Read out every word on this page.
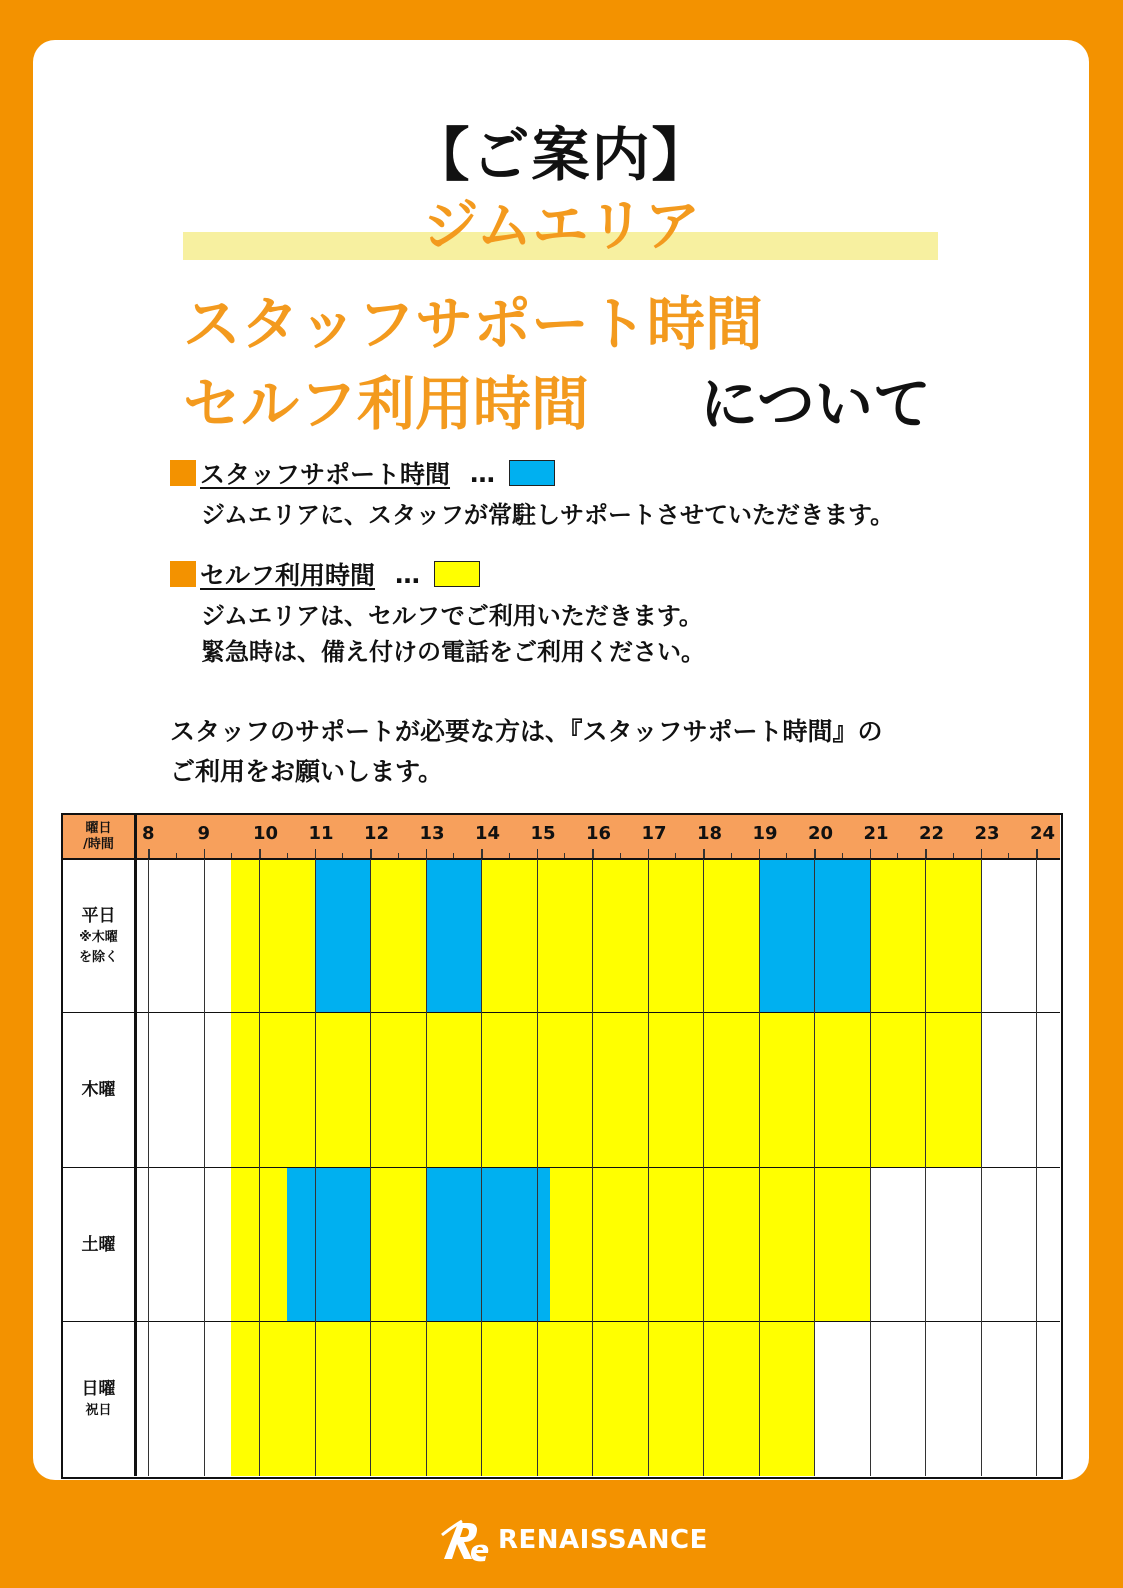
【ご案内】
ジムエリア
スタッフサポート時間
セルフ利用時間 について
スタッフサポート時間 …
ジムエリアに、スタッフが常駐しサポートさせていただきます。
セルフ利用時間 …
ジムエリアは、セルフでご利用いただきます。
緊急時は、備え付けの電話をご利用ください。
スタッフのサポートが必要な方は、『スタッフサポート時間』の
ご利用をお願いします。
曜日
/時間
8 9 10 11 12 13 14 15 16 17 18 19 20 21 22 23 24
平日
※木曜
を除く
木曜
土曜
日曜
祝日
RENAISSANCE
